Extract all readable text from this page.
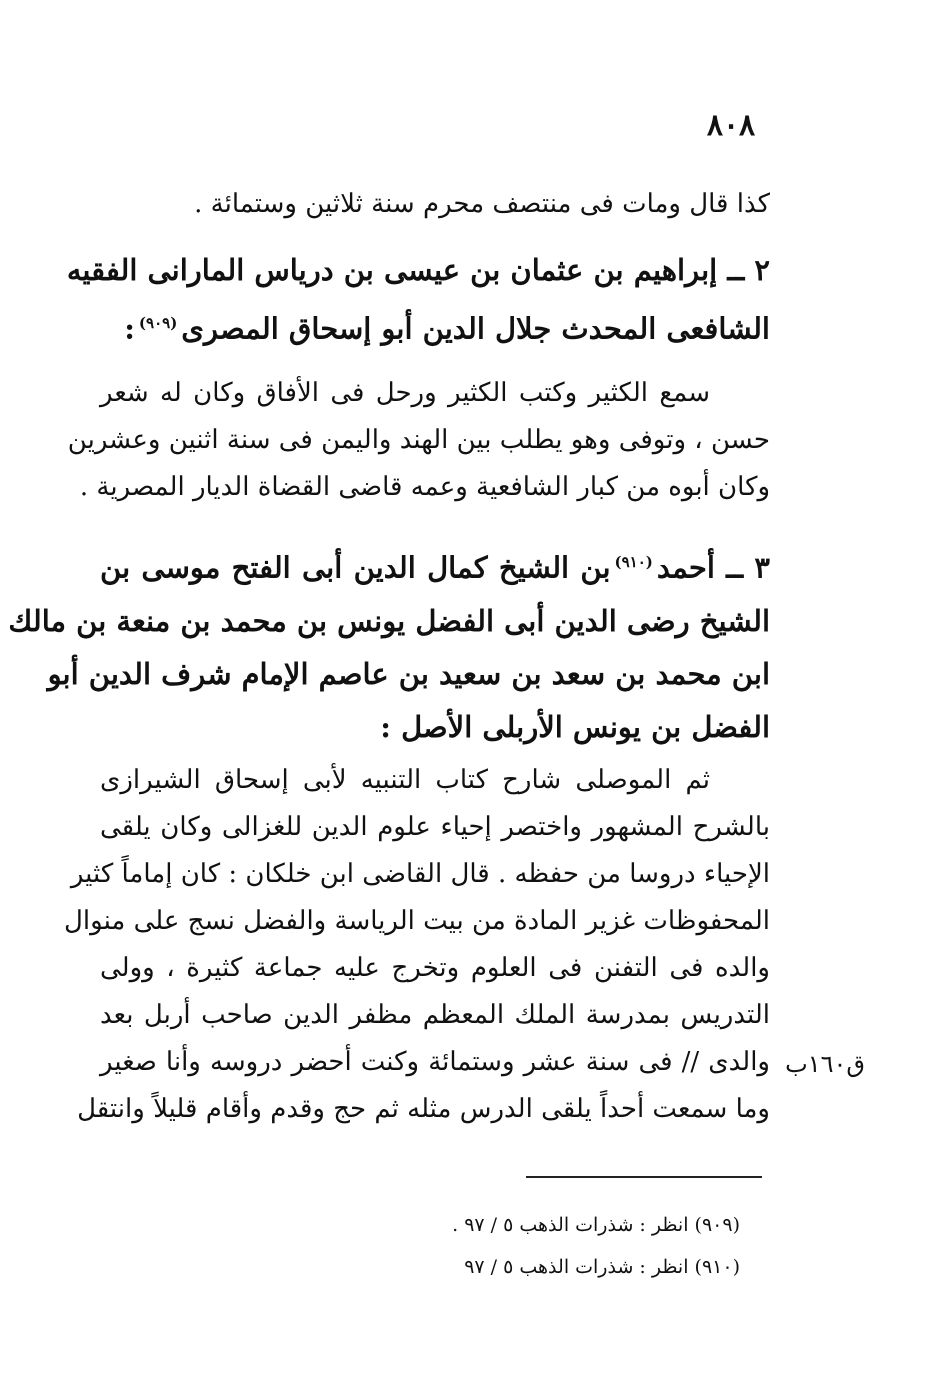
٨٠٨
كذا قال ومات فى منتصف محرم سنة ثلاثين وستمائة .
٢ ــ إبراهيم بن عثمان بن عيسى بن درياس المارانى الفقيه
الشافعى المحدث جلال الدين أبو إسحاق المصرى$^{(٩٠٩)}$:
سمع الكثير وكتب الكثير ورحل فى الأفاق وكان له شعر
حسن ، وتوفى وهو يطلب بين الهند واليمن فى سنة اثنين وعشرين
وكان أبوه من كبار الشافعية وعمه قاضى القضاة الديار المصرية .
٣ ــ أحمد$^{(٩١٠)}$بن الشيخ كمال الدين أبى الفتح موسى بن
الشيخ رضى الدين أبى الفضل يونس بن محمد بن منعة بن مالك
ابن محمد بن سعد بن سعيد بن عاصم الإمام شرف الدين أبو
الفضل بن يونس الأربلى الأصل :
ثم الموصلى شارح كتاب التنبيه لأبى إسحاق الشيرازى
بالشرح المشهور واختصر إحياء علوم الدين للغزالى وكان يلقى
الإحياء دروسا من حفظه . قال القاضى ابن خلكان : كان إماماً كثير
المحفوظات غزير المادة من بيت الرياسة والفضل نسج على منوال
والده فى التفنن فى العلوم وتخرج عليه جماعة كثيرة ، وولى
التدريس بمدرسة الملك المعظم مظفر الدين صاحب أربل بعد
والدى // فى سنة عشر وستمائة وكنت أحضر دروسه وأنا صغير
وما سمعت أحداً يلقى الدرس مثله ثم حج وقدم وأقام قليلاً وانتقل
ق١٦٠ب
(٩٠٩) انظر : شذرات الذهب ٥ / ٩٧ .
(٩١٠) انظر : شذرات الذهب ٥ / ٩٧
